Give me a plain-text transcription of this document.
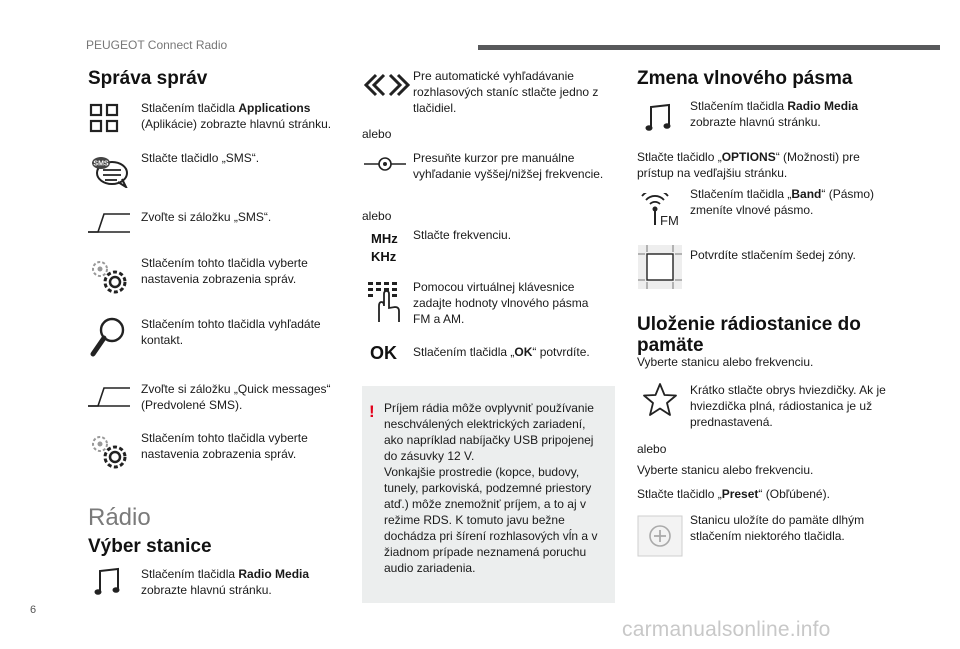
PEUGEOT Connect Radio
Správa správ
Stlačením tlačidla Applications (Aplikácie) zobrazte hlavnú stránku.
SMS	Stlačte tlačidlo „SMS“.
Zvoľte si záložku „SMS“.
Stlačením tohto tlačidla vyberte nastavenia zobrazenia správ.
Stlačením tohto tlačidla vyhľadáte kontakt.
Zvoľte si záložku „Quick messages“ (Predvolené SMS).
Stlačením tohto tlačidla vyberte nastavenia zobrazenia správ.
Rádio
Výber stanice
Stlačením tlačidla Radio Media zobrazte hlavnú stránku.
Pre automatické vyhľadávanie rozhlasových staníc stlačte jedno z tlačidiel.
alebo
Presuňte kurzor pre manuálne vyhľadanie vyššej/nižšej frekvencie.
alebo
MHz
KHz
Stlačte frekvenciu.
Pomocou virtuálnej klávesnice zadajte hodnoty vlnového pásma FM a AM.
OK Stlačením tlačidla „OK“ potvrdíte.
! Príjem rádia môže ovplyvniť používanie neschválených elektrických zariadení, ako napríklad nabíjačky USB pripojenej do zásuvky 12 V.
Vonkajšie prostredie (kopce, budovy, tunely, parkoviská, podzemné priestory atď.) môže znemožniť príjem, a to aj v režime RDS. K tomuto javu bežne dochádza pri šírení rozhlasových vĺn a v žiadnom prípade neznamená poruchu audio zariadenia.
Zmena vlnového pásma
Stlačením tlačidla Radio Media zobrazte hlavnú stránku.
Stlačte tlačidlo „OPTIONS“ (Možnosti) pre prístup na vedľajšiu stránku.
FM
Stlačením tlačidla „Band“ (Pásmo) zmeníte vlnové pásmo.
Potvrdíte stlačením šedej zóny.
Uloženie rádiostanice do
pamäte
Vyberte stanicu alebo frekvenciu.
Krátko stlačte obrys hviezdičky. Ak je hviezdička plná, rádiostanica je už prednastavená.
alebo
Vyberte stanicu alebo frekvenciu.
Stlačte tlačidlo „Preset“ (Obľúbené).
Stanicu uložíte do pamäte dlhým stlačením niektorého tlačidla.
6
carmanualsonline.info
